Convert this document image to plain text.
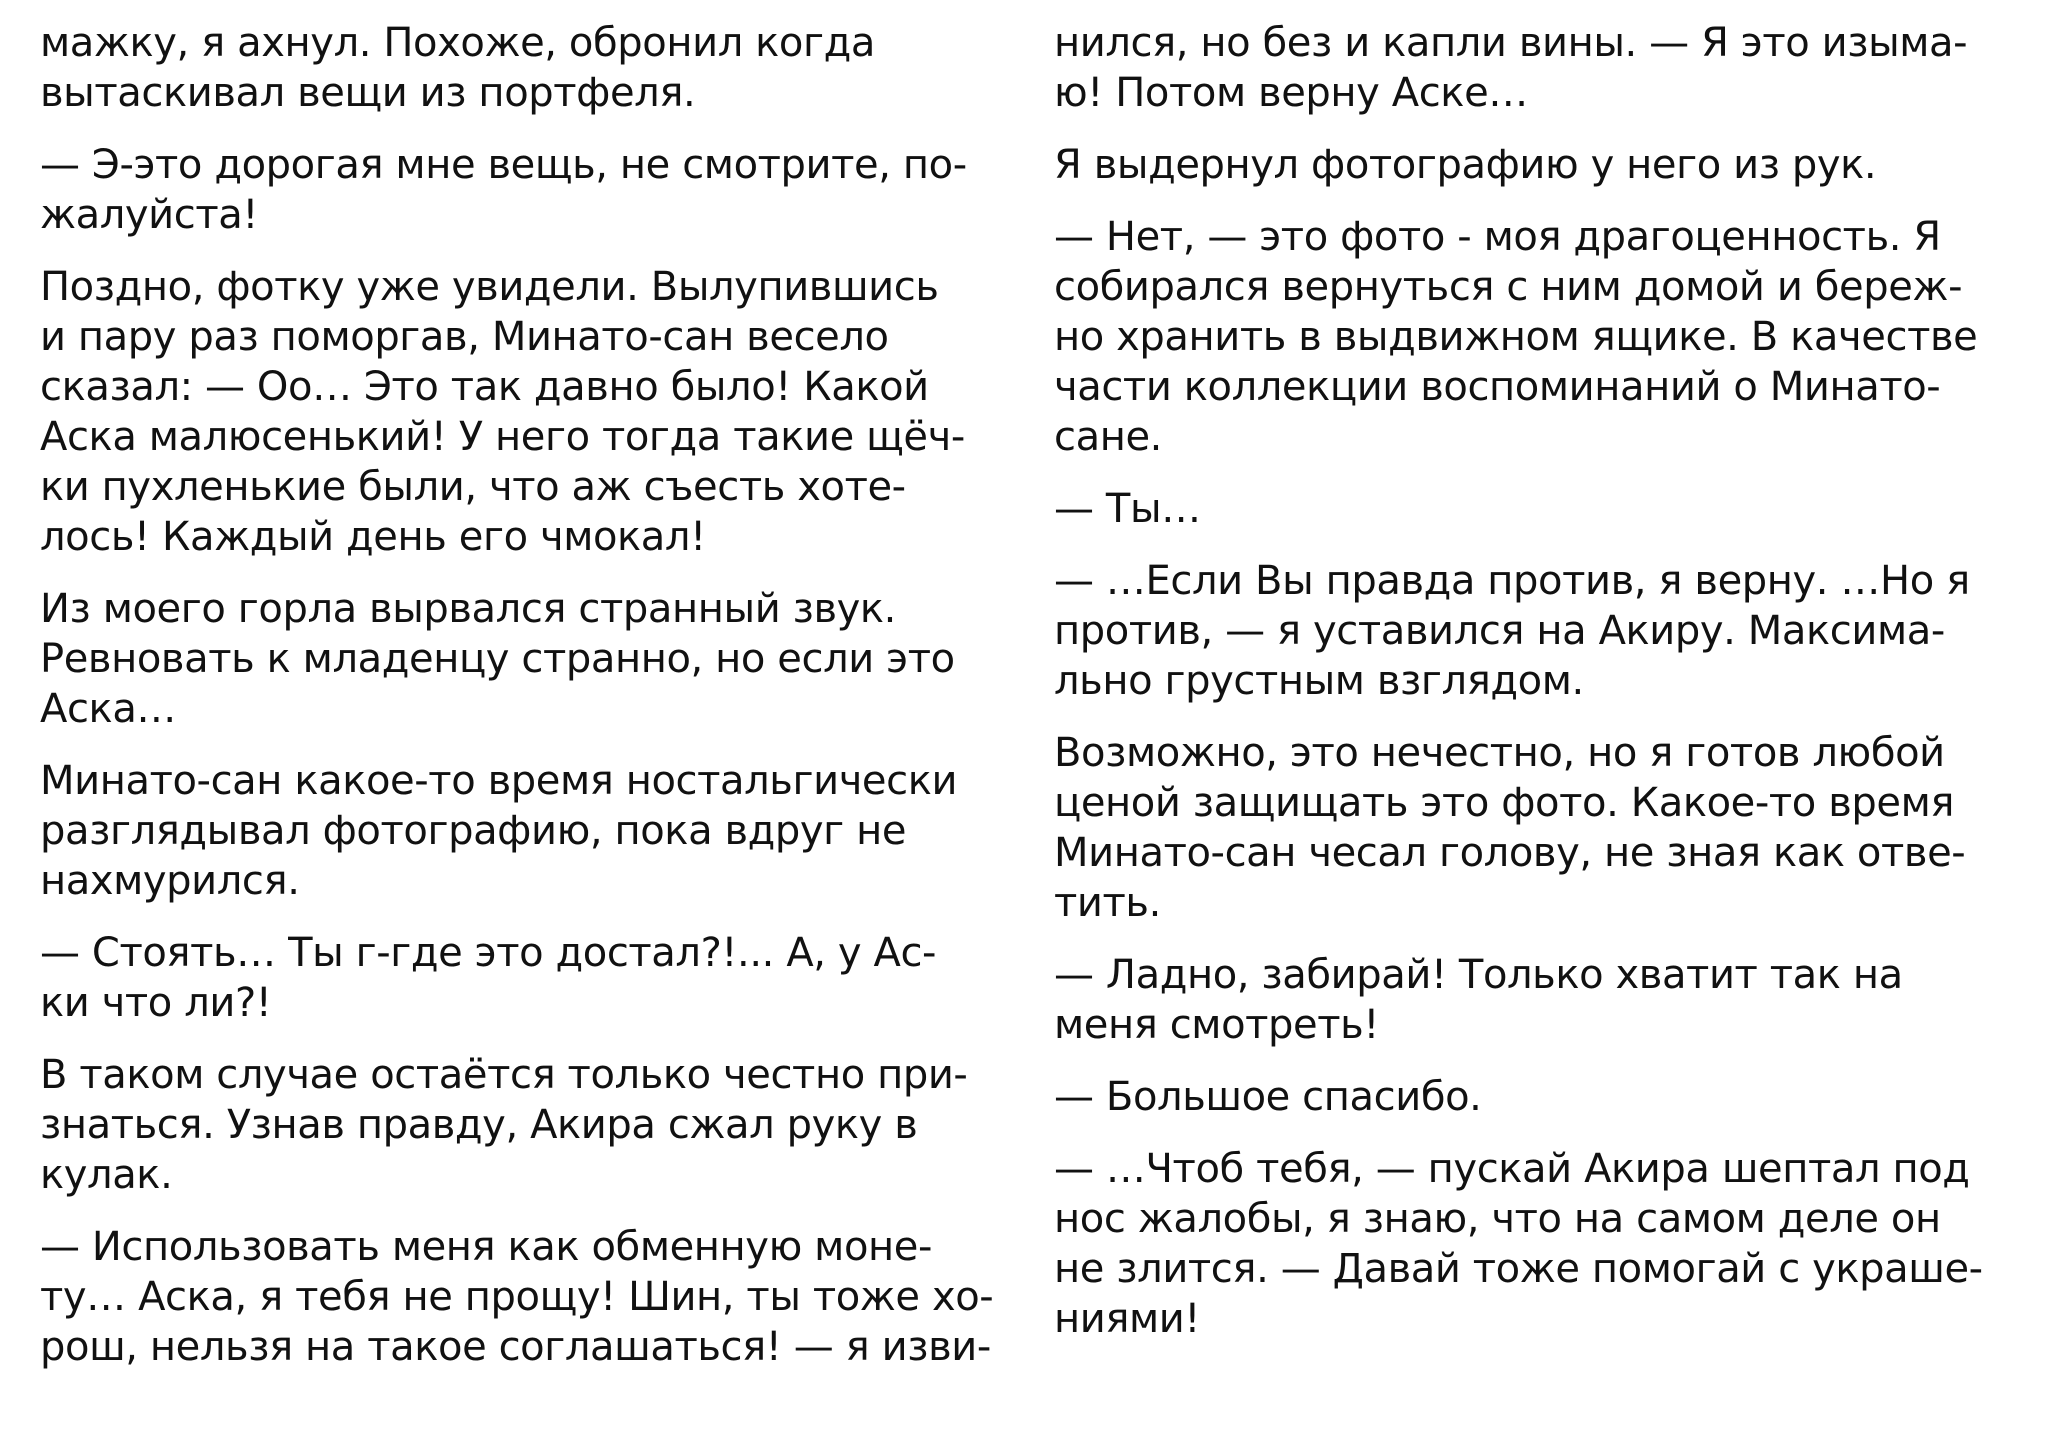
мажку, я ахнул. Похоже, обронил когда
вытаскивал вещи из портфеля.

— Э-это дорогая мне вещь, не смотрите, по-
жалуйста!

Поздно, фотку уже увидели. Вылупившись
и пару раз поморгав, Минато-сан весело
сказал: — Оо… Это так давно было! Какой
Аска малюсенький! У него тогда такие щёч-
ки пухленькие были, что аж съесть хоте-
лось! Каждый день его чмокал!

Из моего горла вырвался странный звук.
Ревновать к младенцу странно, но если это
Аска…

Минато-сан какое-то время ностальгически
разглядывал фотографию, пока вдруг не
нахмурился.

— Стоять… Ты г-где это достал?!... А, у Ас-
ки что ли?!

В таком случае остаётся только честно при-
знаться. Узнав правду, Акира сжал руку в
кулак.

— Использовать меня как обменную моне-
ту… Аска, я тебя не прощу! Шин, ты тоже хо-
рош, нельзя на такое соглашаться! — я изви-

нился, но без и капли вины. — Я это изыма-
ю! Потом верну Аске…

Я выдернул фотографию у него из рук.

— Нет, — это фото - моя драгоценность. Я
собирался вернуться с ним домой и береж-
но хранить в выдвижном ящике. В качестве
части коллекции воспоминаний о Минато-
сане.

— Ты…

— …Если Вы правда против, я верну. …Но я
против, — я уставился на Акиру. Максима-
льно грустным взглядом.

Возможно, это нечестно, но я готов любой
ценой защищать это фото. Какое-то время
Минато-сан чесал голову, не зная как отве-
тить.

— Ладно, забирай! Только хватит так на
меня смотреть!

— Большое спасибо.

— …Чтоб тебя, — пускай Акира шептал под
нос жалобы, я знаю, что на самом деле он
не злится. — Давай тоже помогай с украше-
ниями!
